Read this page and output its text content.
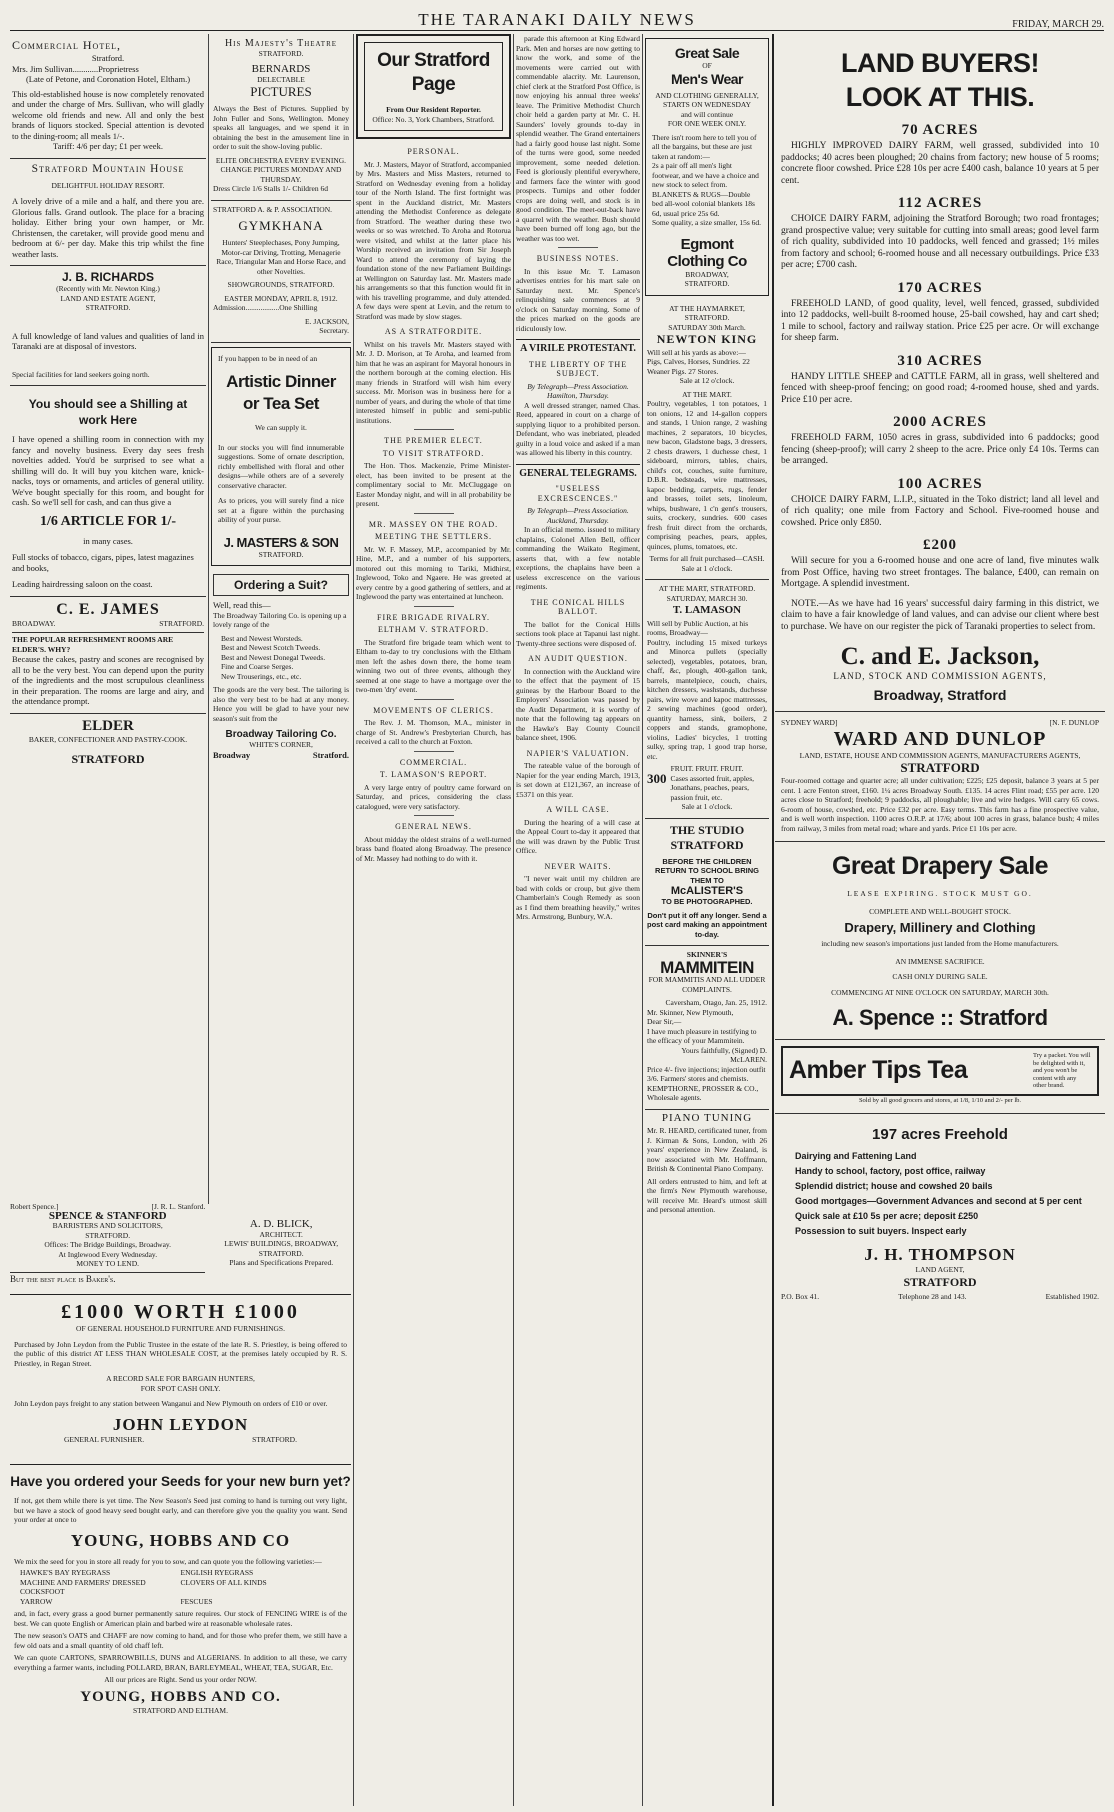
THE TARANAKI DAILY NEWS	FRIDAY, MARCH 29.
Commercial Hotel,
Stratford.
Mrs. Jim Sullivan............Proprietress
(Late of Petone, and Coronation Hotel, Eltham.)
This old-established house is now completely renovated and under the charge of Mrs. Sullivan, who will gladly welcome old friends and new. All and only the best brands of liquors stocked. Special attention is devoted to the dining-room; all meals 1/-.
Tariff: 4/6 per day; £1 per week.
Stratford Mountain House
DELIGHTFUL HOLIDAY RESORT.
A lovely drive of a mile and a half, and there you are. Glorious falls. Grand outlook. The place for a bracing holiday. Either bring your own hamper, or Mr. Christensen, the caretaker, will provide good menu and bedroom at 6/- per day. Make this trip whilst the fine weather lasts.
J. B. RICHARDS
(Recently with Mr. Newton King.)
LAND AND ESTATE AGENT,
STRATFORD.
A full knowledge of land values and qualities of land in Taranaki are at disposal of investors.
Special facilities for land seekers going north.
You should see a Shilling at work Here
I have opened a shilling room in connection with my fancy and novelty business. Every day sees fresh novelties added. You'd be surprised to see what a shilling will do. It will buy you kitchen ware, knick-nacks, toys or ornaments, and articles of general utility. We've bought specially for this room, and bought for cash. So we'll sell for cash, and can thus give a
1/6 ARTICLE FOR 1/-
in many cases.
Full stocks of tobacco, cigars, pipes, latest magazines and books,
Leading hairdressing saloon on the coast.
C. E. JAMES
BROADWAY.	STRATFORD.
THE POPULAR REFRESHMENT ROOMS ARE ELDER'S. WHY?
Because the cakes, pastry and scones are recognised by all to be the very best. You can depend upon the purity of the ingredients and the most scrupulous cleanliness in their preparation. The rooms are large and airy, and the attendance prompt.
ELDER
BAKER, CONFECTIONER AND PASTRY-COOK.
STRATFORD
His Majesty's Theatre
STRATFORD.
BERNARDS
DELECTABLE
PICTURES
Always the Best of Pictures. Supplied by John Fuller and Sons, Wellington. Money speaks all languages, and we spend it in obtaining the best in the amusement line in order to suit the show-loving public.
ELITE ORCHESTRA EVERY EVENING. CHANGE PICTURES MONDAY AND THURSDAY.
Dress Circle 1/6 Stalls 1/- Children 6d
STRATFORD A. & P. ASSOCIATION.
GYMKHANA
Hunters' Steeplechases, Pony Jumping, Motor-car Driving, Trotting, Menagerie Race, Triangular Man and Horse Race, and other Novelties.
SHOWGROUNDS, STRATFORD.
EASTER MONDAY, APRIL 8, 1912.
Admission..................One Shilling
E. JACKSON,
Secretary.
If you happen to be in need of an
Artistic Dinner or Tea Set
We can supply it.
In our stocks you will find innumerable suggestions. Some of ornate description, richly embellished with floral and other designs—while others are of a severely conservative character.
As to prices, you will surely find a nice set at a figure within the purchasing ability of your purse.
J. MASTERS & SON
STRATFORD.
Ordering a Suit?
Well, read this—
The Broadway Tailoring Co. is opening up a lovely range of the
Best and Newest Worsteds.
Best and Newest Scotch Tweeds.
Best and Newest Donegal Tweeds.
Fine and Coarse Serges.
New Trouserings, etc., etc.
The goods are the very best. The tailoring is also the very best to be had at any money. Hence you will be glad to have your new season's suit from the
Broadway Tailoring Co.
WHITE'S CORNER,
Broadway	Stratford.
Robert Spence.]	[J. R. L. Stanford.
SPENCE & STANFORD
BARRISTERS AND SOLICITORS,
STRATFORD.
Offices: The Bridge Buildings, Broadway.
At Inglewood Every Wednesday.
MONEY TO LEND.
But the best place is Baker's.
A. D. BLICK,
ARCHITECT.
LEWIS' BUILDINGS, BROADWAY, STRATFORD.
Plans and Specifications Prepared.
£1000 WORTH £1000
OF GENERAL HOUSEHOLD FURNITURE AND FURNISHINGS.
Purchased by John Leydon from the Public Trustee in the estate of the late R. S. Priestley, is being offered to the public of this district AT LESS THAN WHOLESALE COST, at the premises lately occupied by R. S. Priestley, in Regan Street.
A RECORD SALE FOR BARGAIN HUNTERS,
FOR SPOT CASH ONLY.
John Leydon pays freight to any station between Wanganui and New Plymouth on orders of £10 or over.
JOHN LEYDON
GENERAL FURNISHER.	STRATFORD.
Have you ordered your Seeds for your new burn yet?
If not, get them while there is yet time. The New Season's Seed just coming to hand is turning out very light, but we have a stock of good heavy seed bought early, and can therefore give you the quality you want. Send your order at once to
YOUNG, HOBBS AND CO
We mix the seed for you in store all ready for you to sow, and can quote you the following varieties:—
HAWKE'S BAY RYEGRASS	ENGLISH RYEGRASS
MACHINE AND FARMERS' DRESSED COCKSFOOT
CLOVERS OF ALL KINDS
YARROW	FESCUES
and, in fact, every grass a good burner permanently sature requires. Our stock of FENCING WIRE is of the best. We can quote English or American plain and barbed wire at reasonable wholesale rates.
The new season's OATS and CHAFF are now coming to hand, and for those who prefer them, we still have a few old oats and a small quantity of old chaff left.
We can quote CARTONS, SPARROWBILLS, DUNS and ALGERIANS. In addition to all these, we carry everything a farmer wants, including POLLARD, BRAN, BARLEYMEAL, WHEAT, TEA, SUGAR, Etc.
All our prices are Right. Send us your order NOW.
YOUNG, HOBBS AND CO.
STRATFORD AND ELTHAM.
Our Stratford Page
From Our Resident Reporter.
Office: No. 3, York Chambers, Stratford.
PERSONAL.

Mr. J. Masters, Mayor of Stratford, accompanied by Mrs. Masters and Miss Masters, returned to Stratford on Wednesday evening from a holiday tour of the North Island. The first fortnight was spent in the Auckland district, Mr. Masters attending the Methodist Conference as delegate from Stratford. The weather during these two weeks or so was wretched. To Aroha and Rotorua were visited, and whilst at the latter place his Worship received an invitation from Sir Joseph Ward to attend the ceremony of laying the foundation stone of the new Parliament Buildings at Wellington on Saturday last. Mr. Masters made his arrangements so that this function would fit in with his travelling programme, and duly attended. A few days were spent at Levin, and the return to Stratford was made by slow stages.

AS A STRATFORDITE.

Whilst on his travels Mr. Masters stayed with Mr. J. D. Morison, at Te Aroha, and learned from him that he was an aspirant for Mayoral honours in the northern borough at the coming election. His many friends in Stratford will wish him every success. Mr. Morison was in business here for a number of years, and during the whole of that time interested himself in public and semi-public institutions.

THE PREMIER ELECT.
TO VISIT STRATFORD.

The Hon. Thos. Mackenzie, Prime Minister-elect, has been invited to be present at the complimentary social to Mr. McCluggage on Easter Monday night, and will in all probability be present.

MR. MASSEY ON THE ROAD.
MEETING THE SETTLERS.

Mr. W. F. Massey, M.P., accompanied by Mr. Hine, M.P., and a number of his supporters, motored out this morning to Tariki, Midhirst, Inglewood, Toko and Ngaere. He was greeted at every centre by a good gathering of settlers, and at Inglewood the party was entertained at luncheon.

FIRE BRIGADE RIVALRY.
ELTHAM V. STRATFORD.

The Stratford fire brigade team which went to Eltham to-day to try conclusions with the Eltham men left the ashes down there, the home team winning two out of three events, although they seemed at one stage to have a mortgage over the two-men 'dry' event.

MOVEMENTS OF CLERICS.

The Rev. J. M. Thomson, M.A., minister in charge of St. Andrew's Presbyterian Church, has received a call to the church at Foxton.

COMMERCIAL.
T. LAMASON'S REPORT.

A very large entry of poultry came forward on Saturday, and prices, considering the class catalogued, were very satisfactory.

GENERAL NEWS.

About midday the oldest strains of a well-turned brass band floated along Broadway. The presence of Mr. Massey had nothing to do with it.

parade this afternoon at King Edward Park. Men and horses are now getting to know the work, and some of the movements were carried out with commendable alacrity. Mr. Laurenson, chief clerk at the Stratford Post Office, is now enjoying his annual three weeks' leave. The Primitive Methodist Church choir held a garden party at Mr. C. H. Saunders' lovely grounds to-day in splendid weather. The Grand entertainers had a fairly good house last night. Some of the turns were good, some needed improvement, some needed deletion. Feed is gloriously plentiful everywhere, and farmers face the winter with good prospects. Turnips and other fodder crops are doing well, and stock is in good condition. The meet-out-back have a quarrel with the weather. Bush should have been burned off long ago, but the weather was too wet.

BUSINESS NOTES.

In this issue Mr. T. Lamason advertises entries for his mart sale on Saturday next. Mr. Spence's relinquishing sale commences at 9 o'clock on Saturday morning. Some of the prices marked on the goods are ridiculously low.

A VIRILE PROTESTANT.
THE LIBERTY OF THE SUBJECT.
By Telegraph—Press Association. Hamilton, Thursday.

A well dressed stranger, named Chas. Reed, appeared in court on a charge of supplying liquor to a prohibited person. Defendant, who was inebriated, pleaded guilty in a loud voice and asked if a man was allowed his liberty in this country.

GENERAL TELEGRAMS.
"USELESS EXCRESCENCES."
By Telegraph—Press Association. Auckland, Thursday.

In an official memo. issued to military chaplains, Colonel Allen Bell, officer commanding the Waikato Regiment, asserts that, with a few notable exceptions, the chaplains have been a useless excrescence on the various regiments.

THE CONICAL HILLS BALLOT.

The ballot for the Conical Hills sections took place at Tapanui last night. Twenty-three sections were disposed of.

AN AUDIT QUESTION.

In connection with the Auckland wire to the effect that the payment of 15 guineas by the Harbour Board to the Employers' Association was passed by the Audit Department, it is worthy of note that the following tag appears on the Hawke's Bay County Council balance sheet, 1906.

NAPIER'S VALUATION.

The rateable value of the borough of Napier for the year ending March, 1913, is set down at £121,367, an increase of £5371 on this year.

A WILL CASE.

During the hearing of a will case at the Appeal Court to-day it appeared that the will was drawn by the Public Trust Office.

NEVER WAITS.

"I never wait until my children are bad with colds or croup, but give them Chamberlain's Cough Remedy as soon as I find them breathing heavily," writes Mrs. Armstrong, Bunbury, W.A.

Great Sale
OF
Men's Wear
AND CLOTHING GENERALLY,
STARTS ON WEDNESDAY
and will continue
FOR ONE WEEK ONLY.
There isn't room here to tell you of all the bargains, but these are just taken at random:—
2s a pair off all men's light footwear, and we have a choice and new stock to select from.
BLANKETS & RUGS—Double bed all-wool colonial blankets 18s 6d, usual price 25s 6d.
Some quality, a size smaller, 15s 6d.
Egmont Clothing Co
BROADWAY,
STRATFORD.
AT THE HAYMARKET, STRATFORD.
SATURDAY 30th March.
NEWTON KING
Will sell at his yards as above:—
Pigs, Calves, Horses, Sundries. 22 Weaner Pigs. 27 Stores.
Sale at 12 o'clock.
AT THE MART.
Poultry, vegetables, 1 ton potatoes, 1 ton onions, 12 and 14-gallon coppers and stands, 1 Union range, 2 washing machines, 2 separators, 10 bicycles, new bacon, Gladstone bags, 3 dressers, 2 chests drawers, 1 duchesse chest, 1 sideboard, mirrors, tables, chairs, child's cot, couches, suite furniture, D.B.R. bedsteads, wire mattresses, kapoc bedding, carpets, rugs, fender and brasses, toilet sets, linoleum, whips, bushware, 1 c'n gent's trousers, suits, crockery, sundries. 600 cases fresh fruit direct from the orchards, comprising peaches, pears, apples, quinces, plums, tomatoes, etc.
Terms for all fruit purchased—CASH.
Sale at 1 o'clock.
AT THE MART, STRATFORD.
SATURDAY, MARCH 30.
T. LAMASON
Will sell by Public Auction, at his rooms, Broadway—
Poultry, including 15 mixed turkeys and Minorca pullets (specially selected), vegetables, potatoes, bran, chaff, &c, plough, 400-gallon tank, barrels, mantelpiece, couch, chairs, kitchen dressers, washstands, duchesse pairs, wire wove and kapoc mattresses, 2 sewing machines (good order), quantity harness, sink, boilers, 2 coppers and stands, gramophone, violins, Ladies' bicycles, 1 trotting sulky, spring trap, 1 good trap horse, etc.
FRUIT. FRUIT. FRUIT.
300 Cases assorted fruit, apples, Jonathans, peaches, pears, passion fruit, etc.
Sale at 1 o'clock.
THE STUDIO STRATFORD
BEFORE THE CHILDREN RETURN TO SCHOOL BRING THEM TO
McALISTER'S
TO BE PHOTOGRAPHED.
Don't put it off any longer. Send a post card making an appointment to-day.
SKINNER'S
MAMMITEIN
FOR MAMMITIS AND ALL UDDER COMPLAINTS.
Caversham, Otago, Jan. 25, 1912.
Mr. Skinner, New Plymouth,
Dear Sir,—
I have much pleasure in testifying to the efficacy of your Mammitein.
Yours faithfully, (Signed) D. McLAREN.
Price 4/- five injections; injection outfit 3/6. Farmers' stores and chemists. KEMPTHORNE, PROSSER & CO., Wholesale agents.
PIANO TUNING
Mr. R. HEARD, certificated tuner, from J. Kirman & Sons, London, with 26 years' experience in New Zealand, is now associated with Mr. Hoffmann, British & Continental Piano Company.
All orders entrusted to him, and left at the firm's New Plymouth warehouse, will receive Mr. Heard's utmost skill and personal attention.
LAND BUYERS! LOOK AT THIS.
70 ACRES
HIGHLY IMPROVED DAIRY FARM, well grassed, subdivided into 10 paddocks; 40 acres been ploughed; 20 chains from factory; new house of 5 rooms; concrete floor cowshed. Price £28 10s per acre £400 cash, balance 10 years at 5 per cent.
112 ACRES
CHOICE DAIRY FARM, adjoining the Stratford Borough; two road frontages; grand prospective value; very suitable for cutting into small areas; good level farm of rich quality, subdivided into 10 paddocks, well fenced and grassed; 1½ miles from factory and school; 6-roomed house and all necessary outbuildings. Price £33 per acre; £700 cash.
170 ACRES
FREEHOLD LAND, of good quality, level, well fenced, grassed, subdivided into 12 paddocks, well-built 8-roomed house, 25-bail cowshed, hay and cart shed; 1 mile to school, factory and railway station. Price £25 per acre. Or will exchange for sheep farm.
310 ACRES
HANDY LITTLE SHEEP and CATTLE FARM, all in grass, well sheltered and fenced with sheep-proof fencing; on good road; 4-roomed house, shed and yards. Price £10 per acre.
2000 ACRES
FREEHOLD FARM, 1050 acres in grass, subdivided into 6 paddocks; good fencing (sheep-proof); will carry 2 sheep to the acre. Price only £4 10s. Terms can be arranged.
100 ACRES
CHOICE DAIRY FARM, L.I.P., situated in the Toko district; land all level and of rich quality; one mile from Factory and School. Five-roomed house and cowshed. Price only £850.
£200
Will secure for you a 6-roomed house and one acre of land, five minutes walk from Post Office, having two street frontages. The balance, £400, can remain on Mortgage. A splendid investment.
NOTE.—As we have had 16 years' successful dairy farming in this district, we claim to have a fair knowledge of land values, and can advise our client where best to purchase. We have on our register the pick of Taranaki properties to select from.
C. and E. Jackson,
LAND, STOCK AND COMMISSION AGENTS,
Broadway, Stratford
SYDNEY WARD]	[N. F. DUNLOP
WARD AND DUNLOP
LAND, ESTATE, HOUSE AND COMMISSION AGENTS, MANUFACTURERS AGENTS,
STRATFORD
Four-roomed cottage and quarter acre; all under cultivation; £225; £25 deposit, balance 3 years at 5 per cent. 1 acre Fenton street, £160. 1¼ acres Broadway South. £135. 14 acres Flint road; £55 per acre. 120 acres close to Stratford; freehold; 9 paddocks, all ploughable; live and wire hedges. Will carry 65 cows. 6-room of house, cowshed, etc. Price £32 per acre. Easy terms. This farm has a fine prospective value, and is well worth inspection. 1100 acres O.R.P. at 17/6; about 100 acres in grass, balance bush; 4 miles from railway, 3 miles from metal road; whare and yards. Price £1 10s per acre.
Great Drapery Sale
LEASE EXPIRING. STOCK MUST GO.
COMPLETE AND WELL-BOUGHT STOCK.
Drapery, Millinery and Clothing
including new season's importations just landed from the Home manufacturers.
AN IMMENSE SACRIFICE.
CASH ONLY DURING SALE.
COMMENCING AT NINE O'CLOCK ON SATURDAY, MARCH 30th.
A. Spence :: Stratford
Amber Tips Tea
Try a packet. You will be delighted with it, and you won't be content with any other brand.
Sold by all good grocers and stores, at 1/8, 1/10 and 2/- per lb.
197 acres Freehold
Dairying and Fattening Land
Handy to school, factory, post office, railway
Splendid district; house and cowshed 20 bails
Good mortgages—Government Advances and second at 5 per cent
Quick sale at £10 5s per acre; deposit £250
Possession to suit buyers. Inspect early
J. H. THOMPSON
LAND AGENT,
STRATFORD
P.O. Box 41.	Telephone 28 and 143.	Established 1902.
